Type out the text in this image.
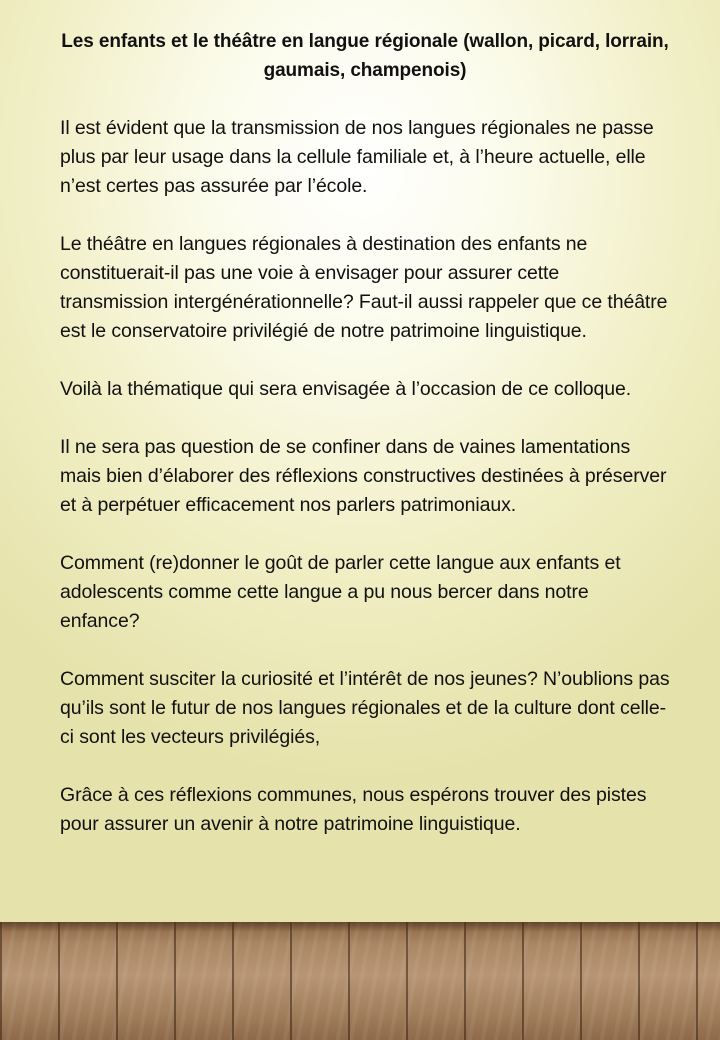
Les enfants et le théâtre en langue régionale (wallon, picard, lorrain, gaumais, champenois)

Il est évident que la transmission de nos langues régionales ne passe plus par leur usage dans la cellule familiale et, à l’heure actuelle, elle n’est certes pas assurée par l’école.

Le théâtre en langues régionales à destination des enfants ne constituerait-il pas une voie à envisager pour assurer cette transmission intergénérationnelle? Faut-il aussi rappeler que ce théâtre est le conservatoire privilégié de notre patrimoine linguistique.

Voilà la thématique qui sera envisagée à l’occasion de ce colloque.

Il ne sera pas question de se confiner dans de vaines lamentations mais bien d’élaborer des réflexions constructives destinées à préserver et à perpétuer efficacement nos parlers patrimoniaux.

Comment (re)donner le goût de parler cette langue aux enfants et adolescents comme cette langue a pu nous bercer dans notre enfance?

Comment susciter la curiosité et l’intérêt de nos jeunes? N’oublions pas qu’ils sont le futur de nos langues régionales et de la culture dont celle-ci sont les vecteurs privilégiés,

Grâce à ces réflexions communes, nous espérons trouver des pistes pour assurer un avenir à notre patrimoine linguistique.
